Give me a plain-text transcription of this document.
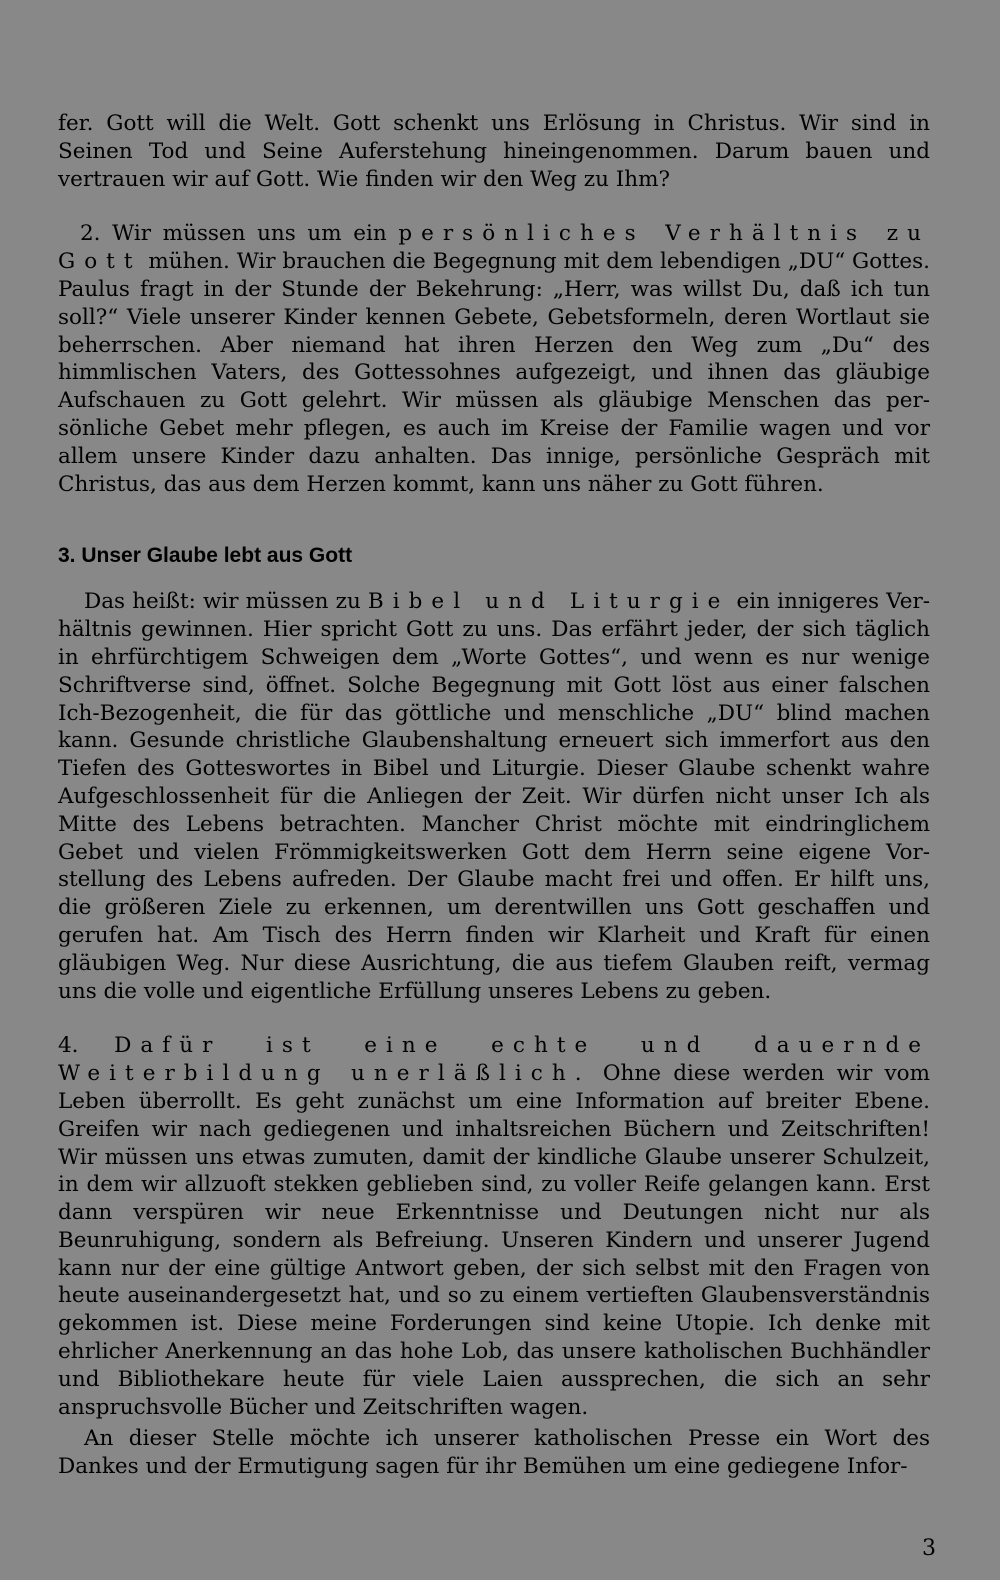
fer. Gott will die Welt. Gott schenkt uns Erlösung in Christus. Wir sind in Seinen Tod und Seine Auferstehung hineingenommen. Darum bauen und vertrauen wir auf Gott. Wie finden wir den Weg zu Ihm?

2. Wir müssen uns um ein persönliches Verhältnis zu Gott mühen. Wir brauchen die Begegnung mit dem lebendigen „DU“ Gottes. Paulus fragt in der Stunde der Bekehrung: „Herr, was willst Du, daß ich tun soll?“ Viele unserer Kinder kennen Gebete, Gebetsformeln, deren Wortlaut sie beherrschen. Aber niemand hat ihren Herzen den Weg zum „Du“ des himmlischen Vaters, des Gottessohnes aufgezeigt, und ihnen das gläubige Aufschauen zu Gott gelehrt. Wir müssen als gläubige Menschen das persönliche Gebet mehr pflegen, es auch im Kreise der Familie wagen und vor allem unsere Kinder dazu anhalten. Das innige, persönliche Gespräch mit Christus, das aus dem Herzen kommt, kann uns näher zu Gott führen.

3. Unser Glaube lebt aus Gott

Das heißt: wir müssen zu Bibel und Liturgie ein innigeres Verhältnis gewinnen. Hier spricht Gott zu uns. Das erfährt jeder, der sich täglich in ehrfürchtigem Schweigen dem „Worte Gottes“, und wenn es nur wenige Schriftverse sind, öffnet. Solche Begegnung mit Gott löst aus einer falschen Ich-Bezogenheit, die für das göttliche und menschliche „DU“ blind machen kann. Gesunde christliche Glaubenshaltung erneuert sich immerfort aus den Tiefen des Gotteswortes in Bibel und Liturgie. Dieser Glaube schenkt wahre Aufgeschlossenheit für die Anliegen der Zeit. Wir dürfen nicht unser Ich als Mitte des Lebens betrachten. Mancher Christ möchte mit eindringlichem Gebet und vielen Frömmigkeitswerken Gott dem Herrn seine eigene Vorstellung des Lebens aufreden. Der Glaube macht frei und offen. Er hilft uns, die größeren Ziele zu erkennen, um derentwillen uns Gott geschaffen und gerufen hat. Am Tisch des Herrn finden wir Klarheit und Kraft für einen gläubigen Weg. Nur diese Ausrichtung, die aus tiefem Glauben reift, vermag uns die volle und eigentliche Erfüllung unseres Lebens zu geben.

4. Dafür ist eine echte und dauernde Weiterbildung unerläßlich. Ohne diese werden wir vom Leben überrollt. Es geht zunächst um eine Information auf breiter Ebene. Greifen wir nach gediegenen und inhaltsreichen Büchern und Zeitschriften! Wir müssen uns etwas zumuten, damit der kindliche Glaube unserer Schulzeit, in dem wir allzuoft stekken geblieben sind, zu voller Reife gelangen kann. Erst dann verspüren wir neue Erkenntnisse und Deutungen nicht nur als Beunruhigung, sondern als Befreiung. Unseren Kindern und unserer Jugend kann nur der eine gültige Antwort geben, der sich selbst mit den Fragen von heute auseinandergesetzt hat, und so zu einem vertieften Glaubensverständnis gekommen ist. Diese meine Forderungen sind keine Utopie. Ich denke mit ehrlicher Anerkennung an das hohe Lob, das unsere katholischen Buchhändler und Bibliothekare heute für viele Laien aussprechen, die sich an sehr anspruchsvolle Bücher und Zeitschriften wagen.

An dieser Stelle möchte ich unserer katholischen Presse ein Wort des Dankes und der Ermutigung sagen für ihr Bemühen um eine gediegene Infor-

3
